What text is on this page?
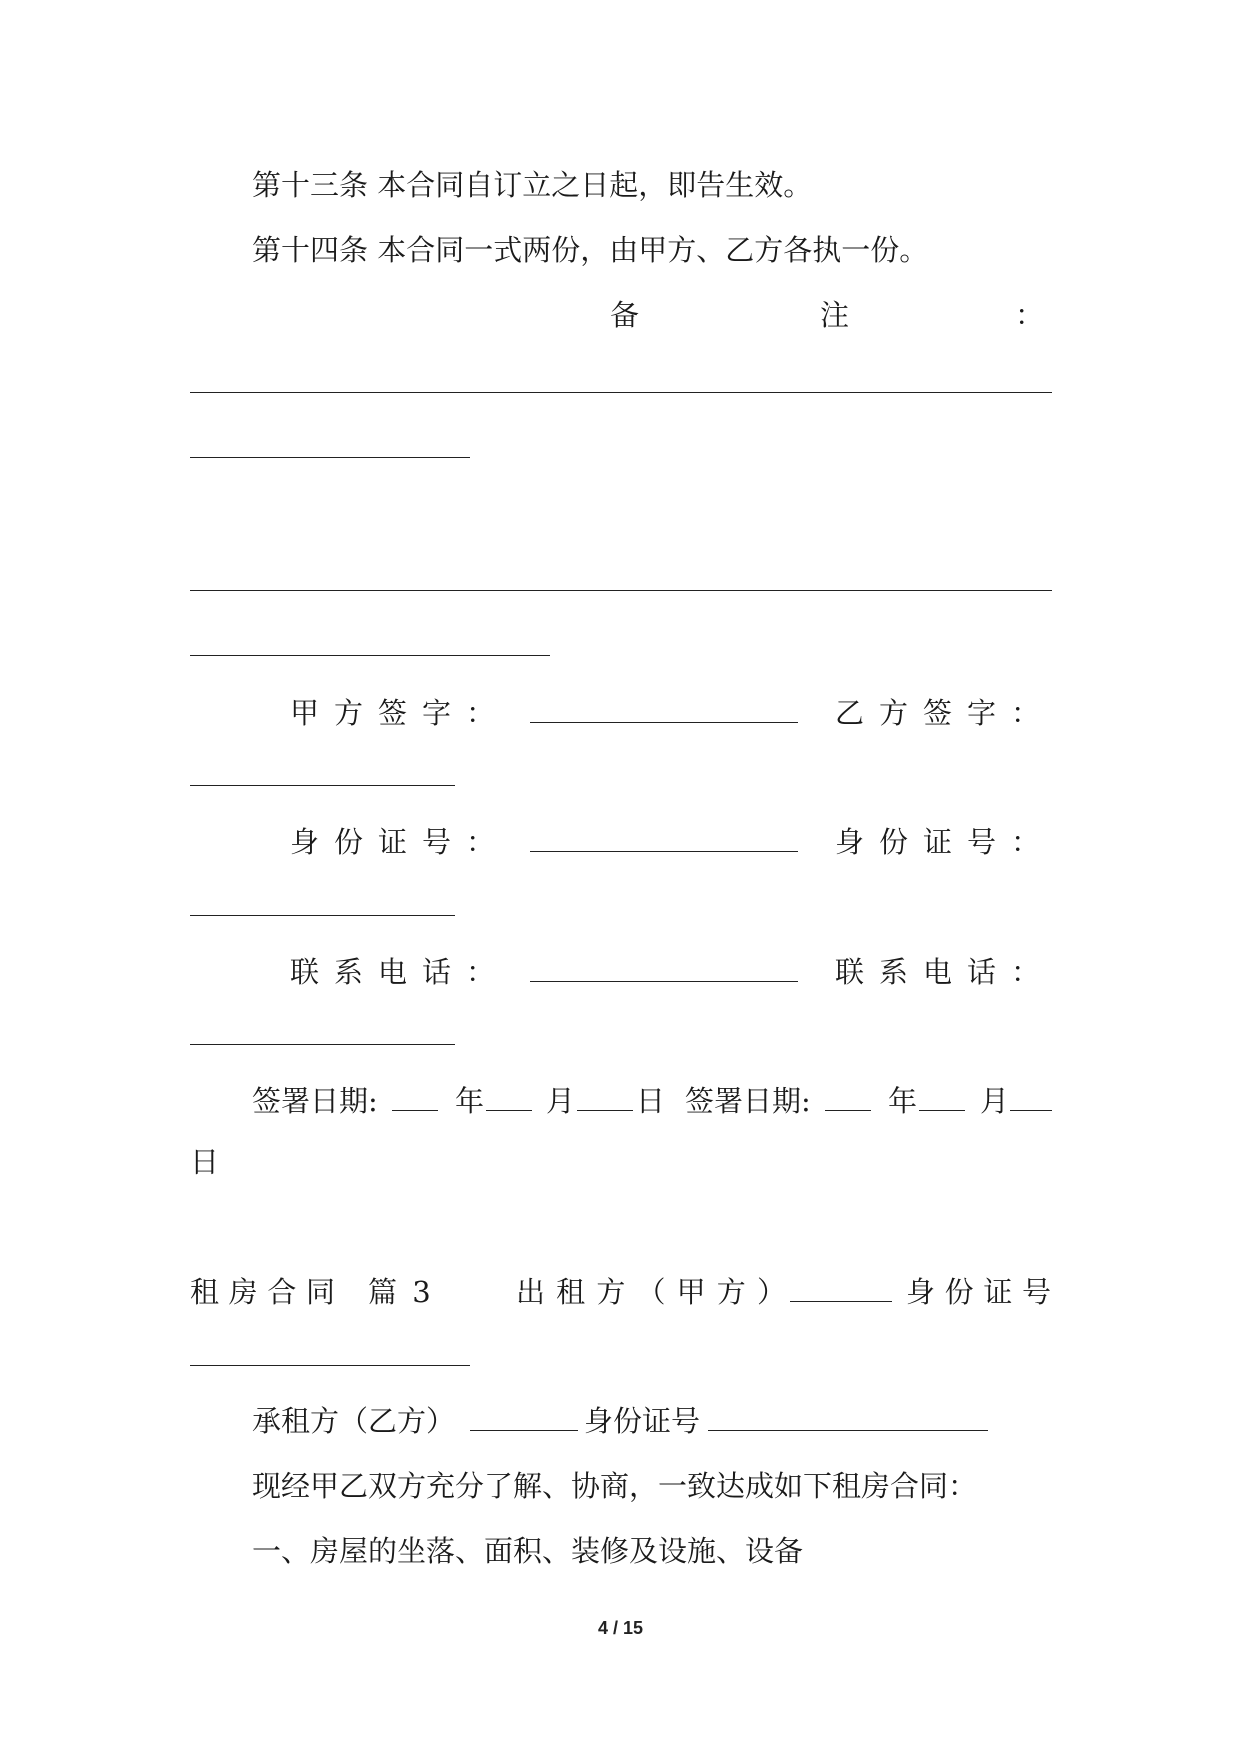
第十三条 本合同自订立之日起，即告生效。
第十四条 本合同一式两份，由甲方、乙方各执一份。
备	注	：
甲 方 签 字 ：	乙 方 签 字 ：
身 份 证 号 ：	身 份 证 号 ：
联 系 电 话 ：	联 系 电 话 ：
签署日期:	年 月 日 签署日期:	年 月
日
租 房 合 同 篇 3	出 租 方 （ 甲 方 ）	身 份 证 号
承租方（乙方）	身份证号
现经甲乙双方充分了解、协商，一致达成如下租房合同：
一、房屋的坐落、面积、装修及设施、设备
4 / 15
